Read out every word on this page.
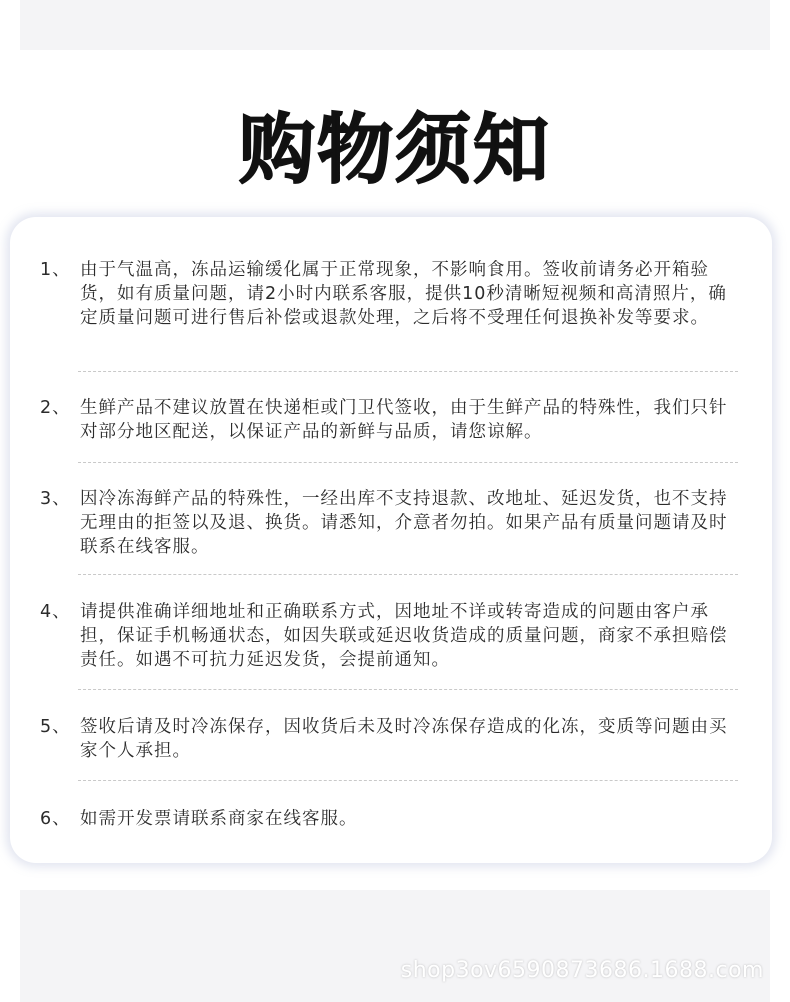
购物须知
1、 由于气温高，冻品运输缓化属于正常现象，不影响食用。签收前请务必开箱验货，如有质量问题，请2小时内联系客服，提供10秒清晰短视频和高清照片，确定质量问题可进行售后补偿或退款处理，之后将不受理任何退换补发等要求。
2、 生鲜产品不建议放置在快递柜或门卫代签收，由于生鲜产品的特殊性，我们只针对部分地区配送，以保证产品的新鲜与品质，请您谅解。
3、 因冷冻海鲜产品的特殊性，一经出库不支持退款、改地址、延迟发货，也不支持无理由的拒签以及退、换货。请悉知，介意者勿拍。如果产品有质量问题请及时联系在线客服。
4、 请提供准确详细地址和正确联系方式，因地址不详或转寄造成的问题由客户承担，保证手机畅通状态，如因失联或延迟收货造成的质量问题，商家不承担赔偿责任。如遇不可抗力延迟发货，会提前通知。
5、 签收后请及时冷冻保存，因收货后未及时冷冻保存造成的化冻，变质等问题由买家个人承担。
6、 如需开发票请联系商家在线客服。
shop3ov6590873686.1688.com
